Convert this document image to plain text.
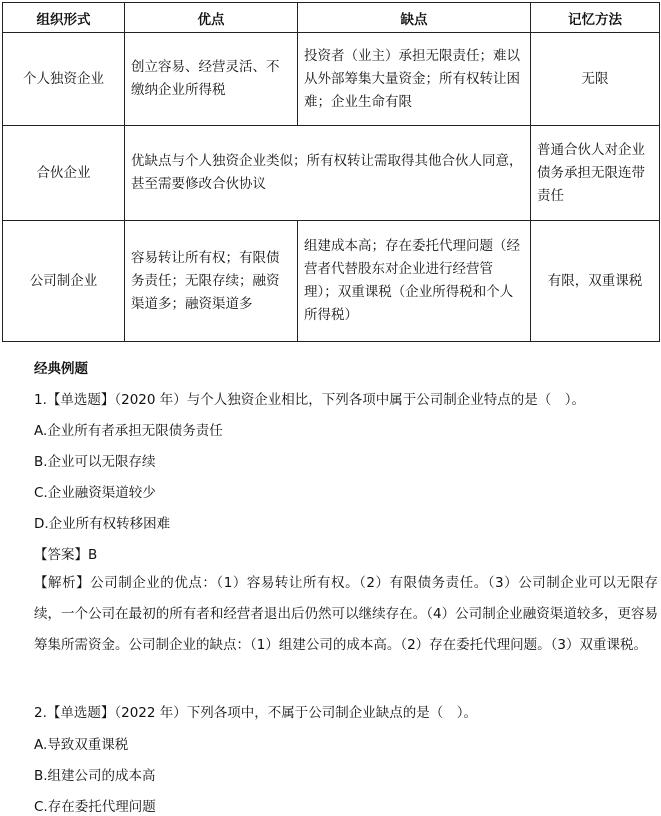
组织形式	优点	缺点	记忆方法
个人独资企业	创立容易、经营灵活、不缴纳企业所得税	投资者（业主）承担无限责任；难以从外部筹集大量资金；所有权转让困难；企业生命有限	无限
合伙企业	优缺点与个人独资企业类似；所有权转让需取得其他合伙人同意，甚至需要修改合伙协议		普通合伙人对企业债务承担无限连带责任
公司制企业	容易转让所有权；有限债务责任；无限存续；融资渠道多；融资渠道多	组建成本高；存在委托代理问题（经营者代替股东对企业进行经营管理）；双重课税（企业所得税和个人所得税）	有限，双重课税
经典例题
1.【单选题】（2020 年）与个人独资企业相比，下列各项中属于公司制企业特点的是（　）。
A.企业所有者承担无限债务责任
B.企业可以无限存续
C.企业融资渠道较少
D.企业所有权转移困难
【答案】B
【解析】公司制企业的优点：（1）容易转让所有权。（2）有限债务责任。（3）公司制企业可以无限存续，一个公司在最初的所有者和经营者退出后仍然可以继续存在。（4）公司制企业融资渠道较多，更容易筹集所需资金。公司制企业的缺点：（1）组建公司的成本高。（2）存在委托代理问题。（3）双重课税。
2.【单选题】（2022 年）下列各项中，不属于公司制企业缺点的是（　）。
A.导致双重课税
B.组建公司的成本高
C.存在委托代理问题
